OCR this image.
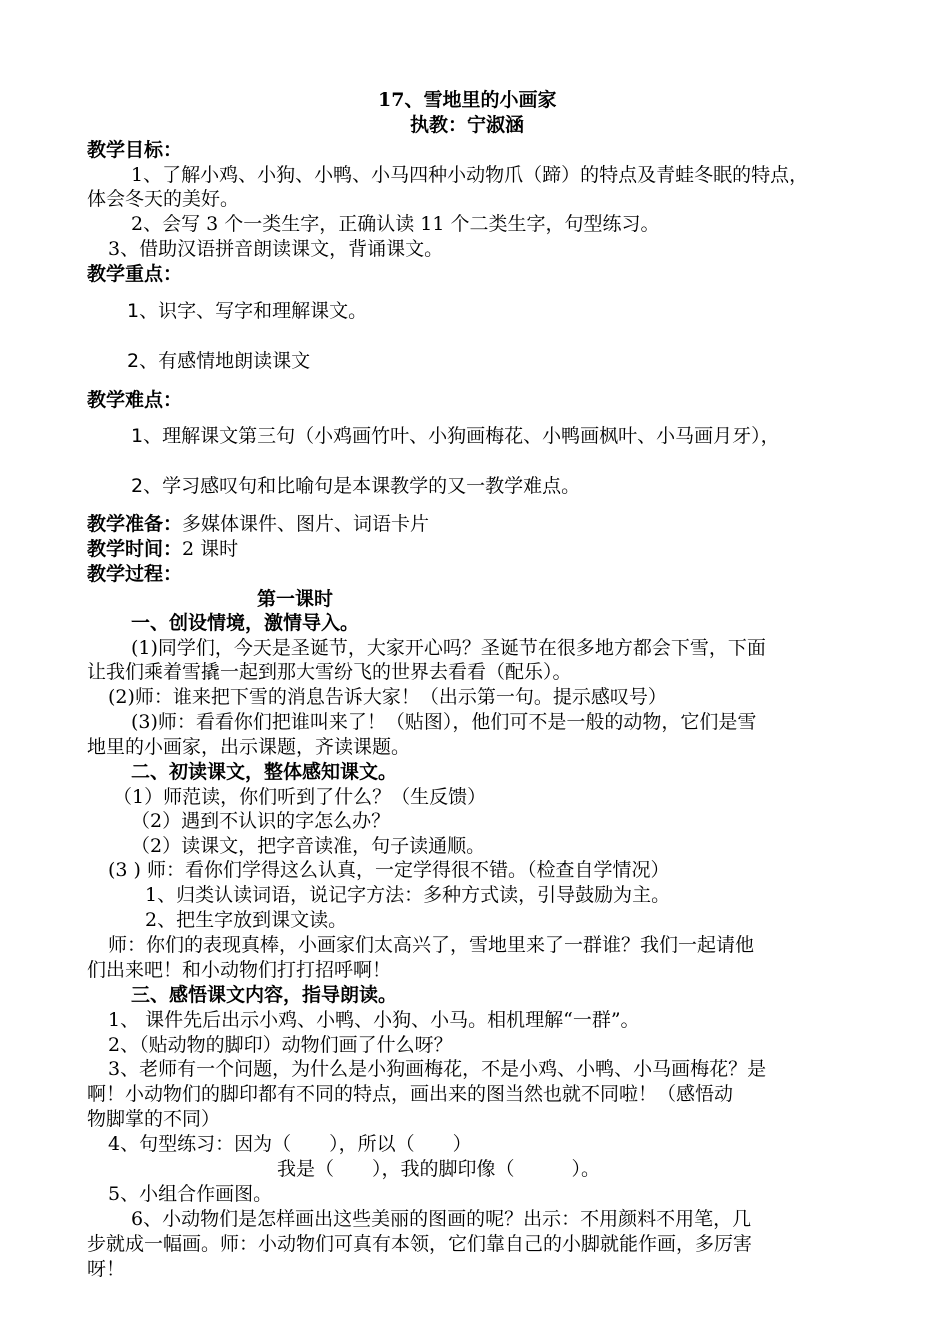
17、雪地里的小画家
执教：宁淑涵
教学目标：
1、了解小鸡、小狗、小鸭、小马四种小动物爪（蹄）的特点及青蛙冬眠的特点，
体会冬天的美好。
2、会写 3 个一类生字，正确认读 11 个二类生字，句型练习。
3、借助汉语拼音朗读课文，背诵课文。
教学重点：
1、识字、写字和理解课文。
2、有感情地朗读课文
教学难点：
1、理解课文第三句（小鸡画竹叶、小狗画梅花、小鸭画枫叶、小马画月牙），
2、学习感叹句和比喻句是本课教学的又一教学难点。
教学准备：多媒体课件、图片、词语卡片
教学时间：2 课时
教学过程：
第一课时
一、创设情境，激情导入。
(1)同学们，今天是圣诞节，大家开心吗？圣诞节在很多地方都会下雪，下面
让我们乘着雪撬一起到那大雪纷飞的世界去看看（配乐）。
(2)师：谁来把下雪的消息告诉大家！（出示第一句。提示感叹号）
(3)师：看看你们把谁叫来了！（贴图），他们可不是一般的动物，它们是雪
地里的小画家，出示课题，齐读课题。
二、初读课文，整体感知课文。
（1）师范读，你们听到了什么？（生反馈）
（2）遇到不认识的字怎么办？
（2）读课文，把字音读准，句子读通顺。
(3 ) 师：看你们学得这么认真，一定学得很不错。（检查自学情况）
1、归类认读词语，说记字方法：多种方式读，引导鼓励为主。
2、把生字放到课文读。
师：你们的表现真棒，小画家们太高兴了，雪地里来了一群谁？我们一起请他
们出来吧！和小动物们打打招呼啊！
三、感悟课文内容，指导朗读。
1、 课件先后出示小鸡、小鸭、小狗、小马。相机理解“一群”。
2、（贴动物的脚印）动物们画了什么呀？
3、老师有一个问题，为什么是小狗画梅花，不是小鸡、小鸭、小马画梅花？是
啊！小动物们的脚印都有不同的特点，画出来的图当然也就不同啦！（感悟动
物脚掌的不同）
4、句型练习：因为（　　），所以（　　）
我是（　　），我的脚印像（　　　）。
5、小组合作画图。
6、小动物们是怎样画出这些美丽的图画的呢？出示：不用颜料不用笔，几
步就成一幅画。师：小动物们可真有本领，它们靠自己的小脚就能作画，多厉害
呀！
